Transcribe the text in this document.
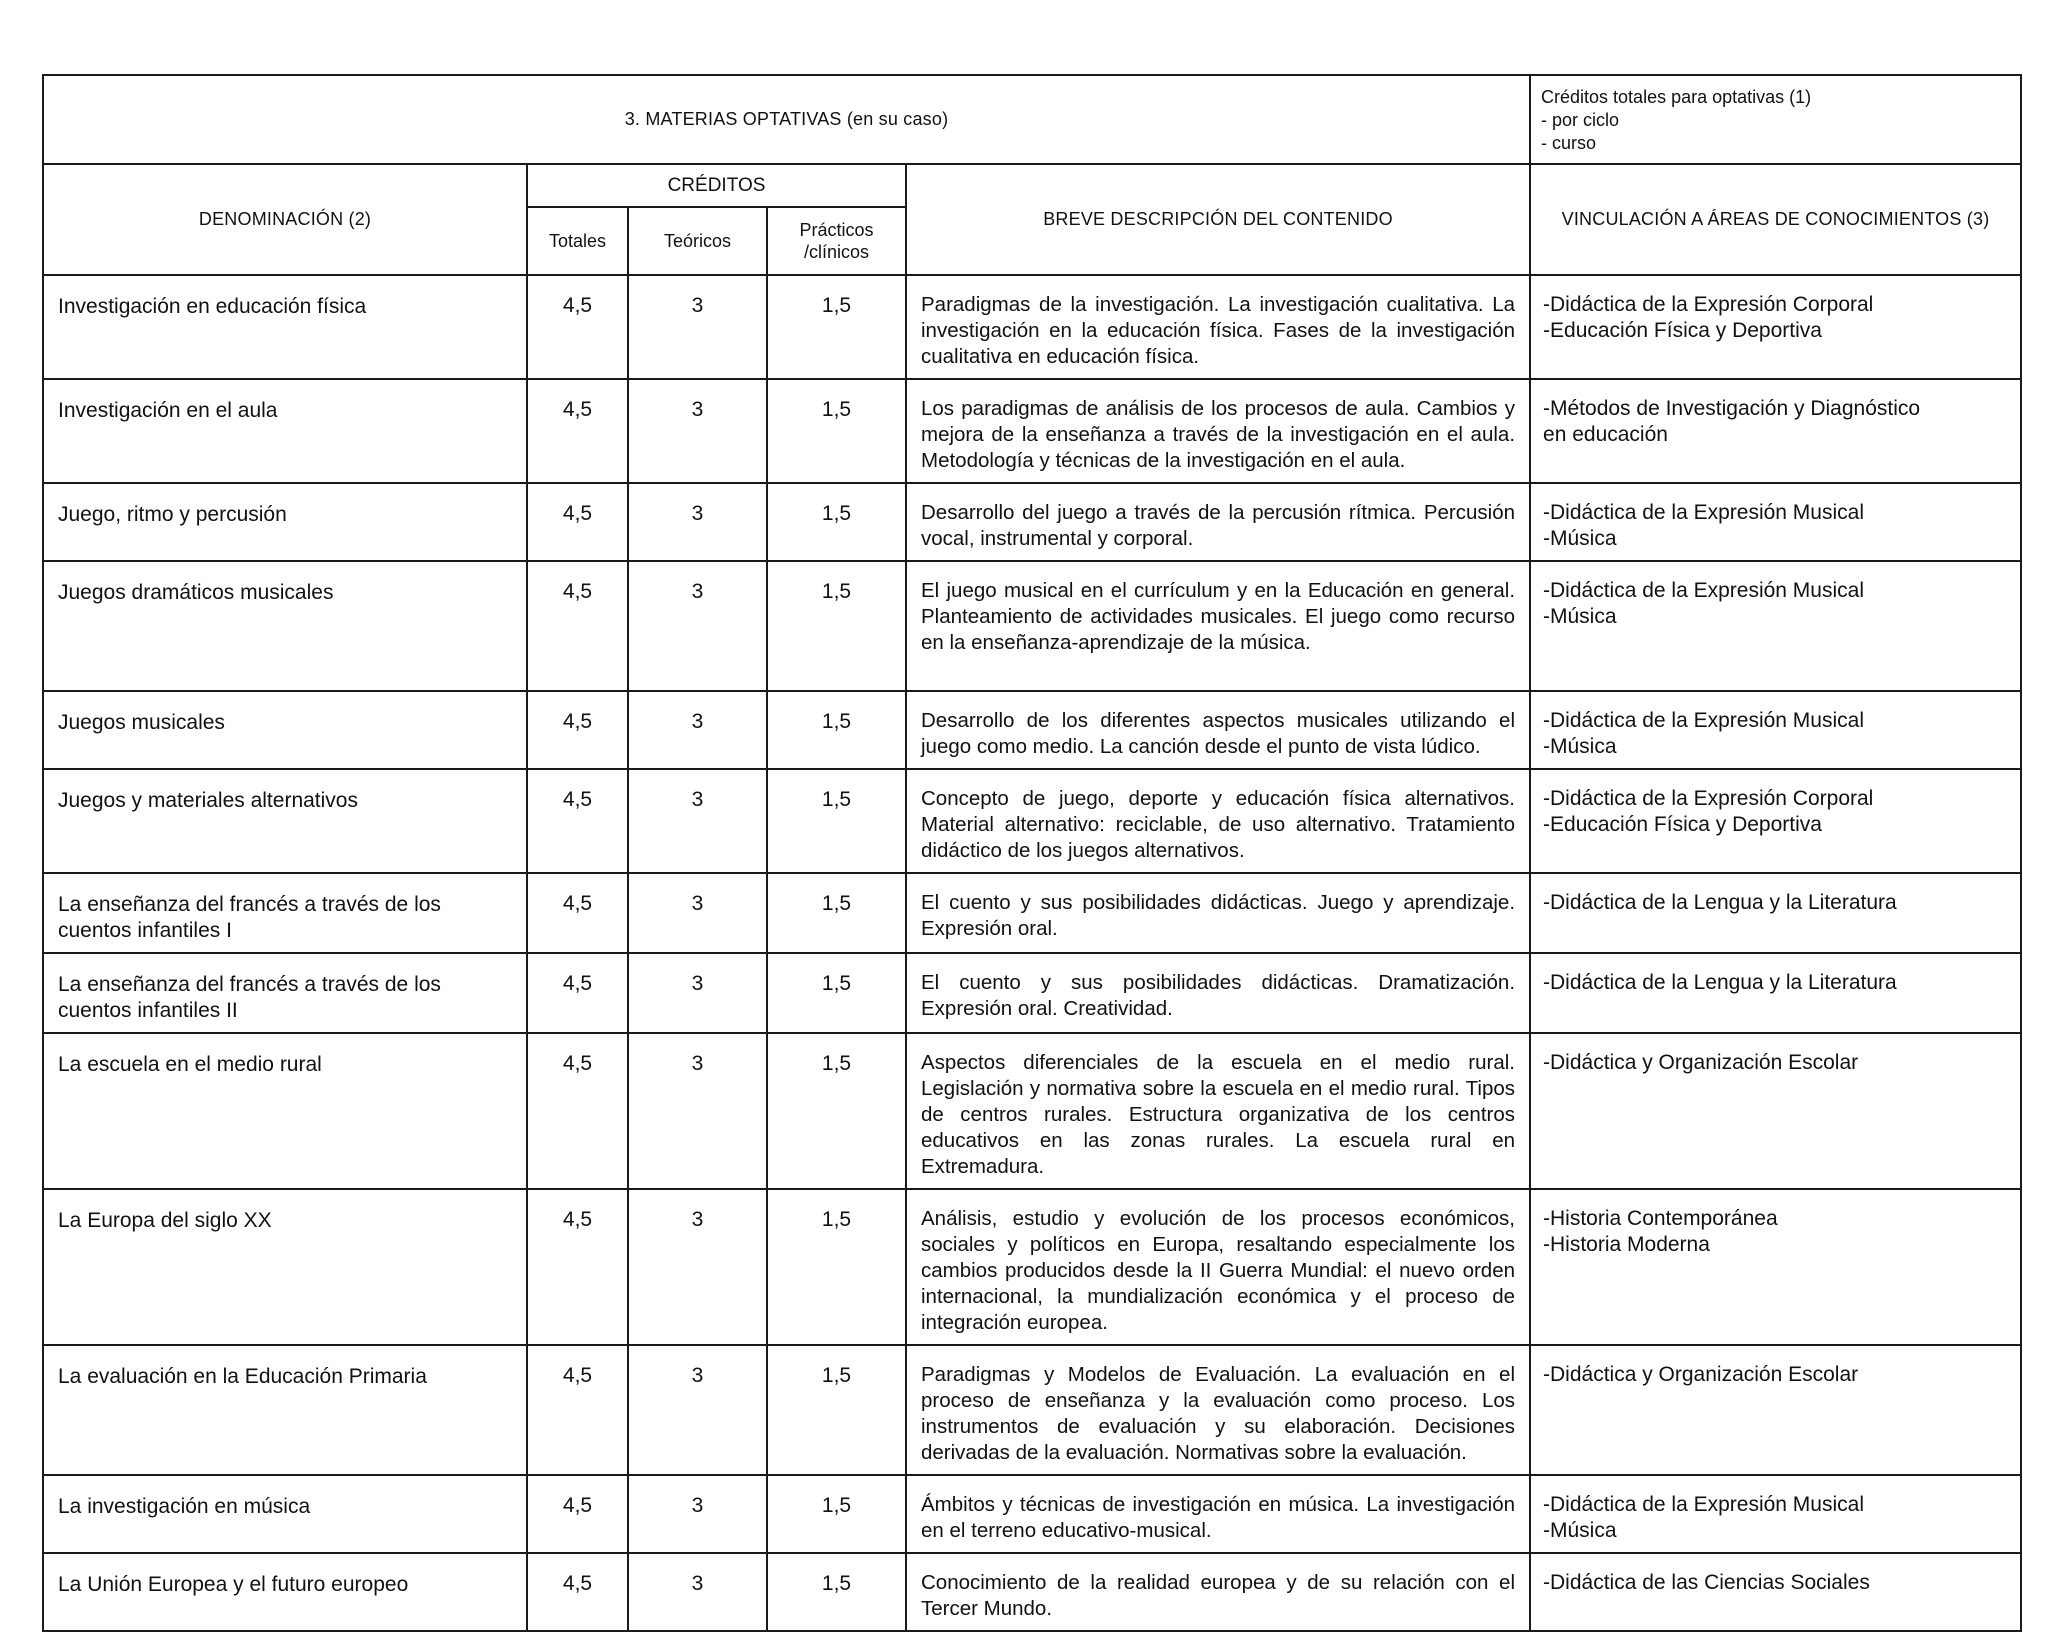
3. MATERIAS OPTATIVAS (en su caso)					Créditos totales para optativas (1)
- por ciclo
- curso

DENOMINACIÓN (2)	CRÉDITOS			BREVE DESCRIPCIÓN DEL CONTENIDO	VINCULACIÓN A ÁREAS DE CONOCIMIENTOS (3)
	Totales	Teóricos	Prácticos /clínicos		
Investigación en educación física	4,5	3	1,5	Paradigmas de la investigación. La investigación cualitativa. La investigación en la educación física. Fases de la investigación cualitativa en educación física.	-Didáctica de la Expresión Corporal
-Educación Física y Deportiva

Investigación en el aula	4,5	3	1,5	Los paradigmas de análisis de los procesos de aula. Cambios y mejora de la enseñanza a través de la investigación en el aula. Metodología y técnicas de la investigación en el aula.	-Métodos de Investigación y Diagnóstico
en educación

Juego, ritmo y percusión	4,5	3	1,5	Desarrollo del juego a través de la percusión rítmica. Percusión vocal, instrumental y corporal.	-Didáctica de la Expresión Musical
-Música

Juegos dramáticos musicales	4,5	3	1,5	El juego musical en el currículum y en la Educación en general. Planteamiento de actividades musicales. El juego como recurso en la enseñanza-aprendizaje de la música.	-Didáctica de la Expresión Musical
-Música

Juegos musicales	4,5	3	1,5	Desarrollo de los diferentes aspectos musicales utilizando el juego como medio. La canción desde el punto de vista lúdico.	-Didáctica de la Expresión Musical
-Música

Juegos y materiales alternativos	4,5	3	1,5	Concepto de juego, deporte y educación física alternativos. Material alternativo: reciclable, de uso alternativo. Tratamiento didáctico de los juegos alternativos.	-Didáctica de la Expresión Corporal
-Educación Física y Deportiva

La enseñanza del francés a través de los cuentos infantiles I	4,5	3	1,5	El cuento y sus posibilidades didácticas. Juego y aprendizaje. Expresión oral.	-Didáctica de la Lengua y la Literatura

La enseñanza del francés a través de los cuentos infantiles II	4,5	3	1,5	El cuento y sus posibilidades didácticas. Dramatización. Expresión oral. Creatividad.	-Didáctica de la Lengua y la Literatura

La escuela en el medio rural	4,5	3	1,5	Aspectos diferenciales de la escuela en el medio rural. Legislación y normativa sobre la escuela en el medio rural. Tipos de centros rurales. Estructura organizativa de los centros educativos en las zonas rurales. La escuela rural en Extremadura.	-Didáctica y Organización Escolar

La Europa del siglo XX	4,5	3	1,5	Análisis, estudio y evolución de los procesos económicos, sociales y políticos en Europa, resaltando especialmente los cambios producidos desde la II Guerra Mundial: el nuevo orden internacional, la mundialización económica y el proceso de integración europea.	-Historia Contemporánea
-Historia Moderna

La evaluación en la Educación Primaria	4,5	3	1,5	Paradigmas y Modelos de Evaluación. La evaluación en el proceso de enseñanza y la evaluación como proceso. Los instrumentos de evaluación y su elaboración. Decisiones derivadas de la evaluación. Normativas sobre la evaluación.	-Didáctica y Organización Escolar

La investigación en música	4,5	3	1,5	Ámbitos y técnicas de investigación en música. La investigación en el terreno educativo-musical.	-Didáctica de la Expresión Musical
-Música

La Unión Europea y el futuro europeo	4,5	3	1,5	Conocimiento de la realidad europea y de su relación con el Tercer Mundo.	-Didáctica de las Ciencias Sociales
